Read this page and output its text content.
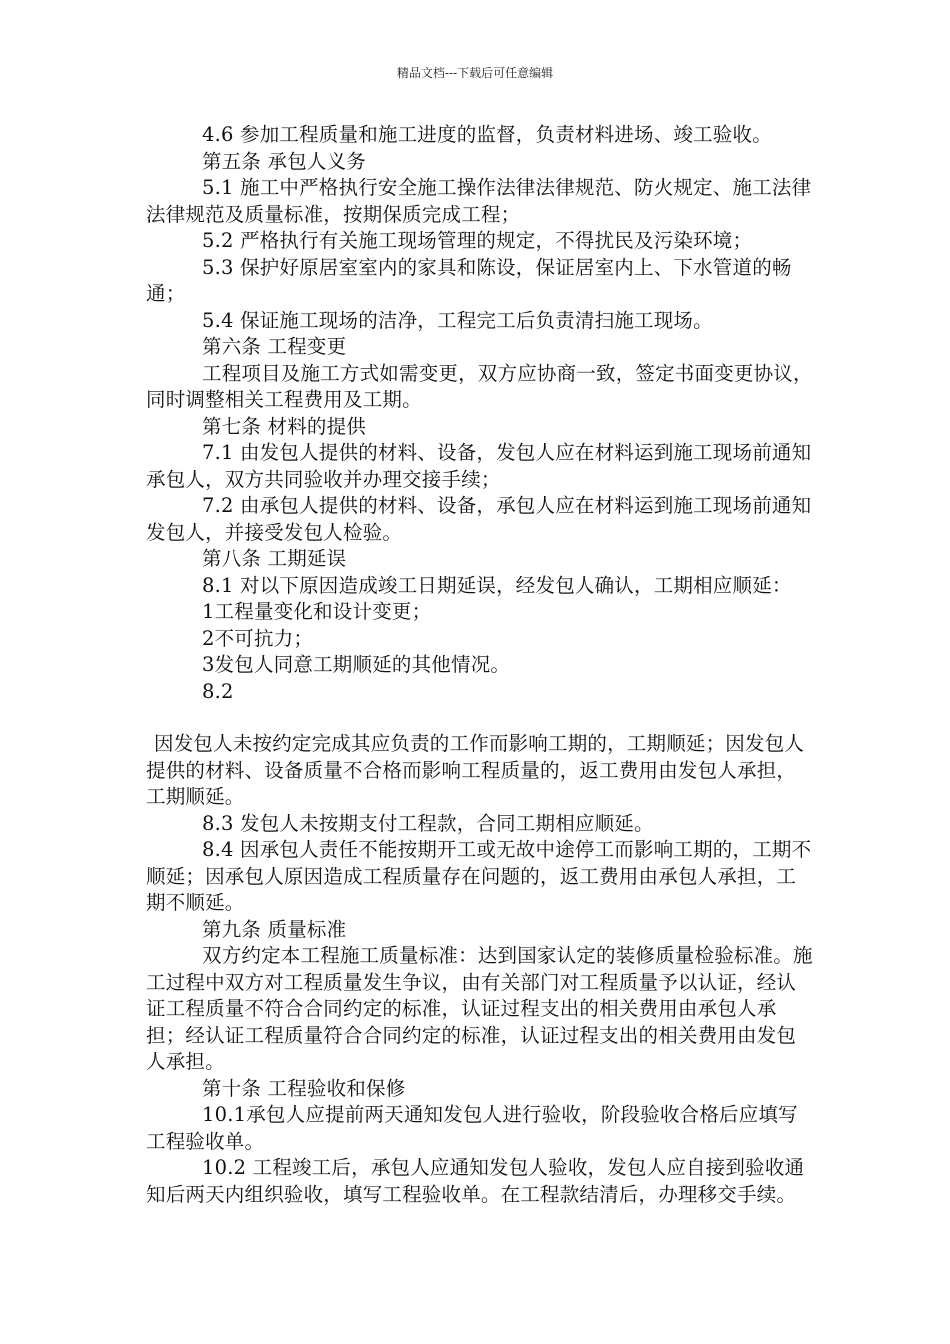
精品文档---下载后可任意编辑

4.6 参加工程质量和施工进度的监督，负责材料进场、竣工验收。

第五条 承包人义务

5.1 施工中严格执行安全施工操作法律法律规范、防火规定、施工法律法律规范及质量标准，按期保质完成工程；

5.2 严格执行有关施工现场管理的规定，不得扰民及污染环境；

5.3 保护好原居室室内的家具和陈设，保证居室内上、下水管道的畅通；

5.4 保证施工现场的洁净，工程完工后负责清扫施工现场。

第六条 工程变更

工程项目及施工方式如需变更，双方应协商一致，签定书面变更协议，同时调整相关工程费用及工期。

第七条 材料的提供

7.1 由发包人提供的材料、设备，发包人应在材料运到施工现场前通知承包人，双方共同验收并办理交接手续；

7.2 由承包人提供的材料、设备，承包人应在材料运到施工现场前通知发包人，并接受发包人检验。

第八条 工期延误

8.1 对以下原因造成竣工日期延误，经发包人确认，工期相应顺延：

1工程量变化和设计变更；

2不可抗力；

3发包人同意工期顺延的其他情况。

8.2

因发包人未按约定完成其应负责的工作而影响工期的，工期顺延；因发包人提供的材料、设备质量不合格而影响工程质量的，返工费用由发包人承担，工期顺延。

8.3 发包人未按期支付工程款，合同工期相应顺延。

8.4 因承包人责任不能按期开工或无故中途停工而影响工期的，工期不顺延；因承包人原因造成工程质量存在问题的，返工费用由承包人承担，工期不顺延。

第九条 质量标准

双方约定本工程施工质量标准：达到国家认定的装修质量检验标准。施工过程中双方对工程质量发生争议，由有关部门对工程质量予以认证，经认证工程质量不符合合同约定的标准，认证过程支出的相关费用由承包人承担；经认证工程质量符合合同约定的标准，认证过程支出的相关费用由发包人承担。

第十条 工程验收和保修

10.1承包人应提前两天通知发包人进行验收，阶段验收合格后应填写工程验收单。

10.2 工程竣工后，承包人应通知发包人验收，发包人应自接到验收通知后两天内组织验收，填写工程验收单。在工程款结清后，办理移交手续。
